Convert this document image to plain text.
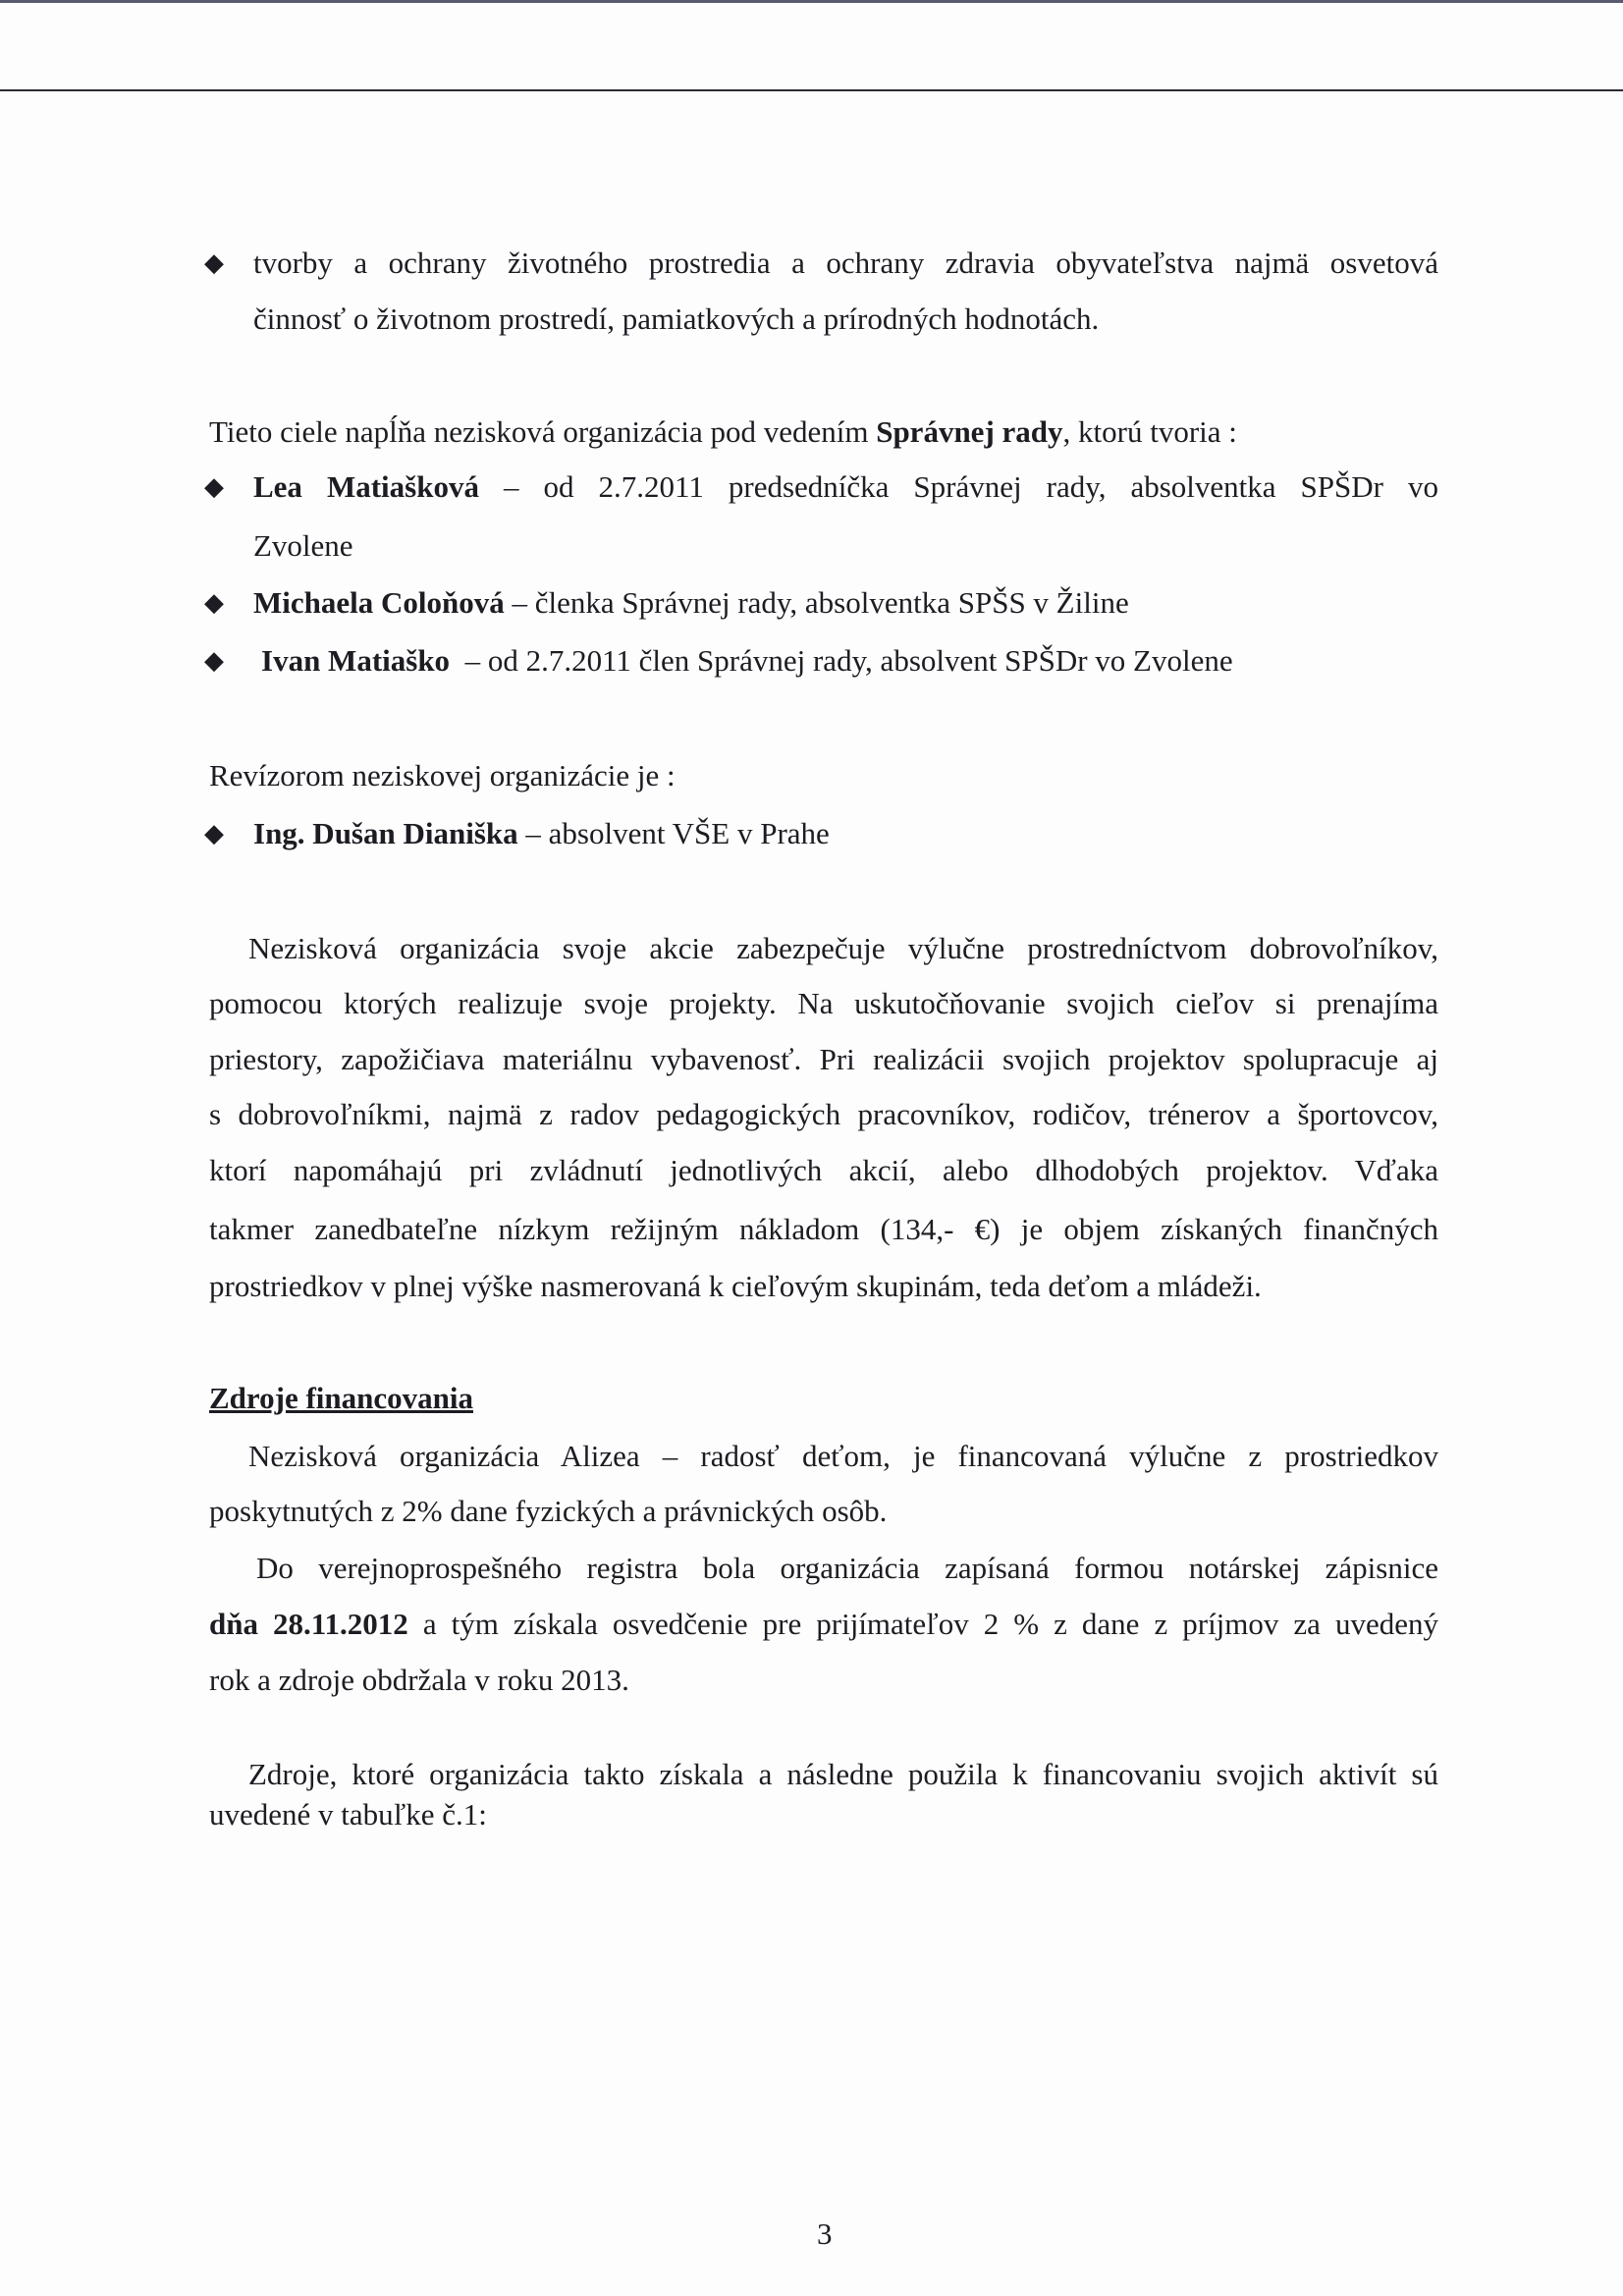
◆ tvorby a ochrany životného prostredia a ochrany zdravia obyvateľstva najmä osvetová
činnosť o životnom prostredí, pamiatkových a prírodných hodnotách.
Tieto ciele napĺňa nezisková organizácia pod vedením Správnej rady, ktorú tvoria :
◆ Lea Matiašková – od 2.7.2011 predsedníčka Správnej rady, absolventka SPŠDr vo
Zvolene
◆ Michaela Coloňová – členka Správnej rady, absolventka SPŠS v Žiline
◆ Ivan Matiaško  – od 2.7.2011 člen Správnej rady, absolvent SPŠDr vo Zvolene
Revízorom neziskovej organizácie je :
◆ Ing. Dušan Dianiška – absolvent VŠE v Prahe
Nezisková organizácia svoje akcie zabezpečuje výlučne prostredníctvom dobrovoľníkov,
pomocou ktorých realizuje svoje projekty. Na uskutočňovanie svojich cieľov si prenajíma
priestory, zapožičiava materiálnu vybavenosť. Pri realizácii svojich projektov spolupracuje aj
s dobrovoľníkmi, najmä z radov pedagogických pracovníkov, rodičov, trénerov a športovcov,
ktorí napomáhajú pri zvládnutí jednotlivých akcií, alebo dlhodobých projektov. Vďaka
takmer zanedbateľne nízkym režijným nákladom (134,- €) je objem získaných finančných
prostriedkov v plnej výške nasmerovaná k cieľovým skupinám, teda deťom a mládeži.
Zdroje financovania
Nezisková organizácia Alizea – radosť deťom, je financovaná výlučne z prostriedkov
poskytnutých z 2% dane fyzických a právnických osôb.
Do verejnoprospešného registra bola organizácia zapísaná formou notárskej zápisnice
dňa 28.11.2012 a tým získala osvedčenie pre prijímateľov 2 % z dane z príjmov za uvedený
rok a zdroje obdržala v roku 2013.
Zdroje, ktoré organizácia takto získala a následne použila k financovaniu svojich aktivít sú
uvedené v tabuľke č.1:
3
